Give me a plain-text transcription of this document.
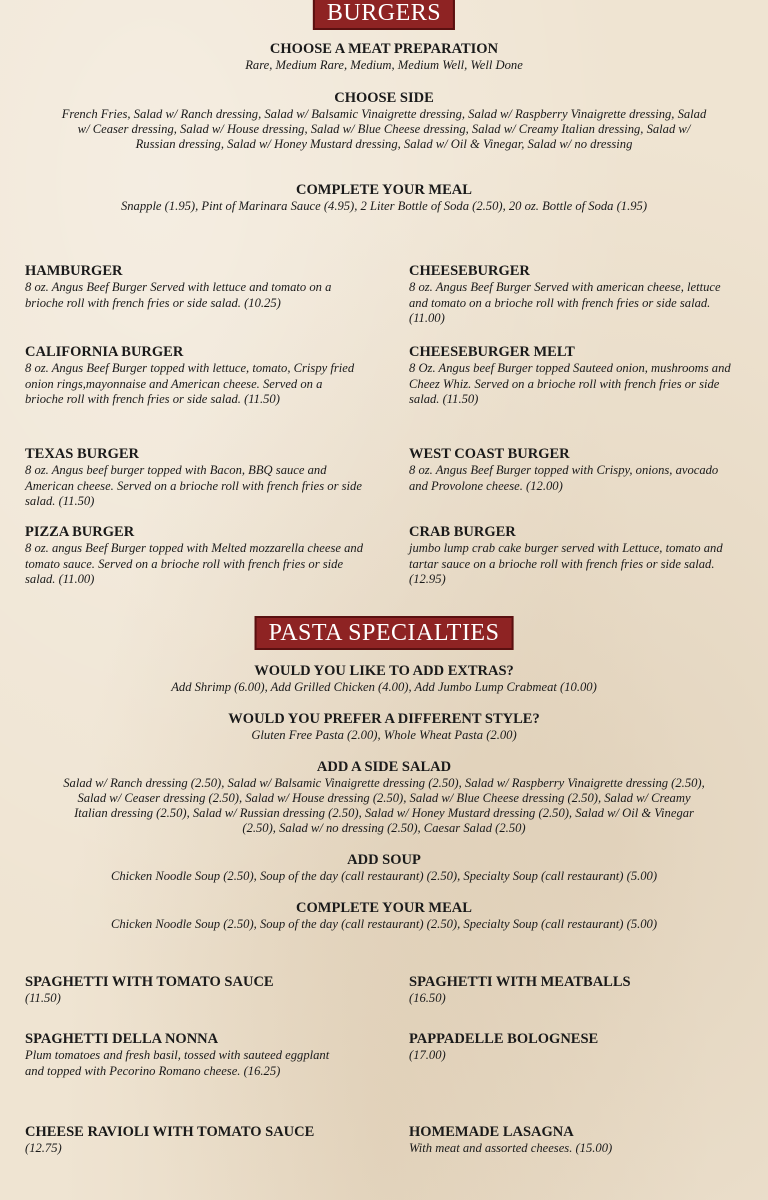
BURGERS
CHOOSE A MEAT PREPARATION

Rare, Medium Rare, Medium, Medium Well, Well Done

CHOOSE SIDE

French Fries, Salad w/ Ranch dressing, Salad w/ Balsamic Vinaigrette dressing, Salad w/ Raspberry Vinaigrette dressing, Salad w/ Ceaser dressing, Salad w/ House dressing, Salad w/ Blue Cheese dressing, Salad w/ Creamy Italian dressing, Salad w/ Russian dressing, Salad w/ Honey Mustard dressing, Salad w/ Oil & Vinegar, Salad w/ no dressing

COMPLETE YOUR MEAL

Snapple (1.95), Pint of Marinara Sauce (4.95), 2 Liter Bottle of Soda (2.50), 20 oz. Bottle of Soda (1.95)

HAMBURGER

8 oz. Angus Beef Burger Served with lettuce and tomato on a brioche roll with french fries or side salad. (10.25)

CHEESEBURGER

8 oz. Angus Beef Burger Served with american cheese, lettuce and tomato on a brioche roll with french fries or side salad. (11.00)

CALIFORNIA BURGER

8 oz. Angus Beef Burger topped with lettuce, tomato, Crispy fried onion rings,mayonnaise and American cheese. Served on a brioche roll with french fries or side salad. (11.50)

CHEESEBURGER MELT

8 Oz. Angus beef Burger topped Sauteed onion, mushrooms and Cheez Whiz. Served on a brioche roll with french fries or side salad. (11.50)

TEXAS BURGER

8 oz. Angus beef burger topped with Bacon, BBQ sauce and American cheese. Served on a brioche roll with french fries or side salad. (11.50)

WEST COAST BURGER

8 oz. Angus Beef Burger topped with Crispy, onions, avocado and Provolone cheese. (12.00)

PIZZA BURGER

8 oz. angus Beef Burger topped with Melted mozzarella cheese and tomato sauce. Served on a brioche roll with french fries or side salad. (11.00)

CRAB BURGER

jumbo lump crab cake burger served with Lettuce, tomato and tartar sauce on a brioche roll with french fries or side salad. (12.95)

PASTA SPECIALTIES
WOULD YOU LIKE TO ADD EXTRAS?

Add Shrimp (6.00), Add Grilled Chicken (4.00), Add Jumbo Lump Crabmeat (10.00)

WOULD YOU PREFER A DIFFERENT STYLE?

Gluten Free Pasta (2.00), Whole Wheat Pasta (2.00)

ADD A SIDE SALAD

Salad w/ Ranch dressing (2.50), Salad w/ Balsamic Vinaigrette dressing (2.50), Salad w/ Raspberry Vinaigrette dressing (2.50), Salad w/ Ceaser dressing (2.50), Salad w/ House dressing (2.50), Salad w/ Blue Cheese dressing (2.50), Salad w/ Creamy Italian dressing (2.50), Salad w/ Russian dressing (2.50), Salad w/ Honey Mustard dressing (2.50), Salad w/ Oil & Vinegar (2.50), Salad w/ no dressing (2.50), Caesar Salad (2.50)

ADD SOUP

Chicken Noodle Soup (2.50), Soup of the day (call restaurant) (2.50), Specialty Soup (call restaurant) (5.00)

COMPLETE YOUR MEAL

Chicken Noodle Soup (2.50), Soup of the day (call restaurant) (2.50), Specialty Soup (call restaurant) (5.00)

SPAGHETTI WITH TOMATO SAUCE

(11.50)

SPAGHETTI WITH MEATBALLS

(16.50)

SPAGHETTI DELLA NONNA

Plum tomatoes and fresh basil, tossed with sauteed eggplant and topped with Pecorino Romano cheese. (16.25)

PAPPADELLE BOLOGNESE

(17.00)

CHEESE RAVIOLI WITH TOMATO SAUCE

(12.75)

HOMEMADE LASAGNA

With meat and assorted cheeses. (15.00)
